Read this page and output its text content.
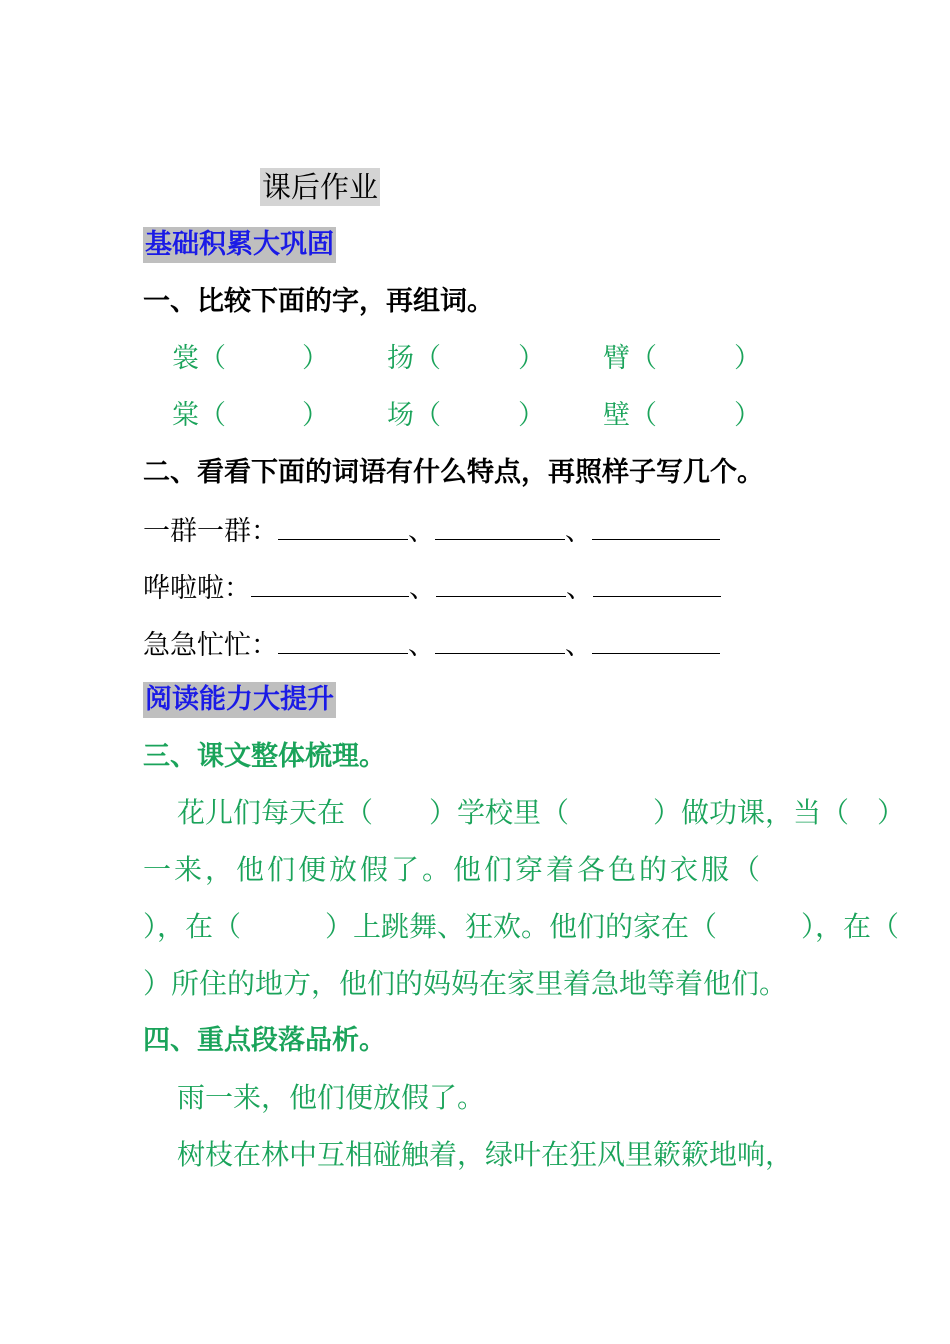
课后作业
基础积累大巩固
一、比较下面的字，再组词。
裳（	） 扬（	） 臂（	）
棠（	） 场（	） 壁（	）
二、看看下面的词语有什么特点，再照样子写几个。
一群一群：	、	、
哗啦啦：	、	、
急急忙忙：	、	、
阅读能力大提升
三、课文整体梳理。
花儿们每天在（　　）学校里（　　　）做功课，当（　）
一来，他们便放假了。他们穿着各色的衣服（
），在（　　　）上跳舞、狂欢。他们的家在（　　　），在（
）所住的地方，他们的妈妈在家里着急地等着他们。
四、重点段落品析。
雨一来，他们便放假了。
树枝在林中互相碰触着，绿叶在狂风里簌簌地响，
